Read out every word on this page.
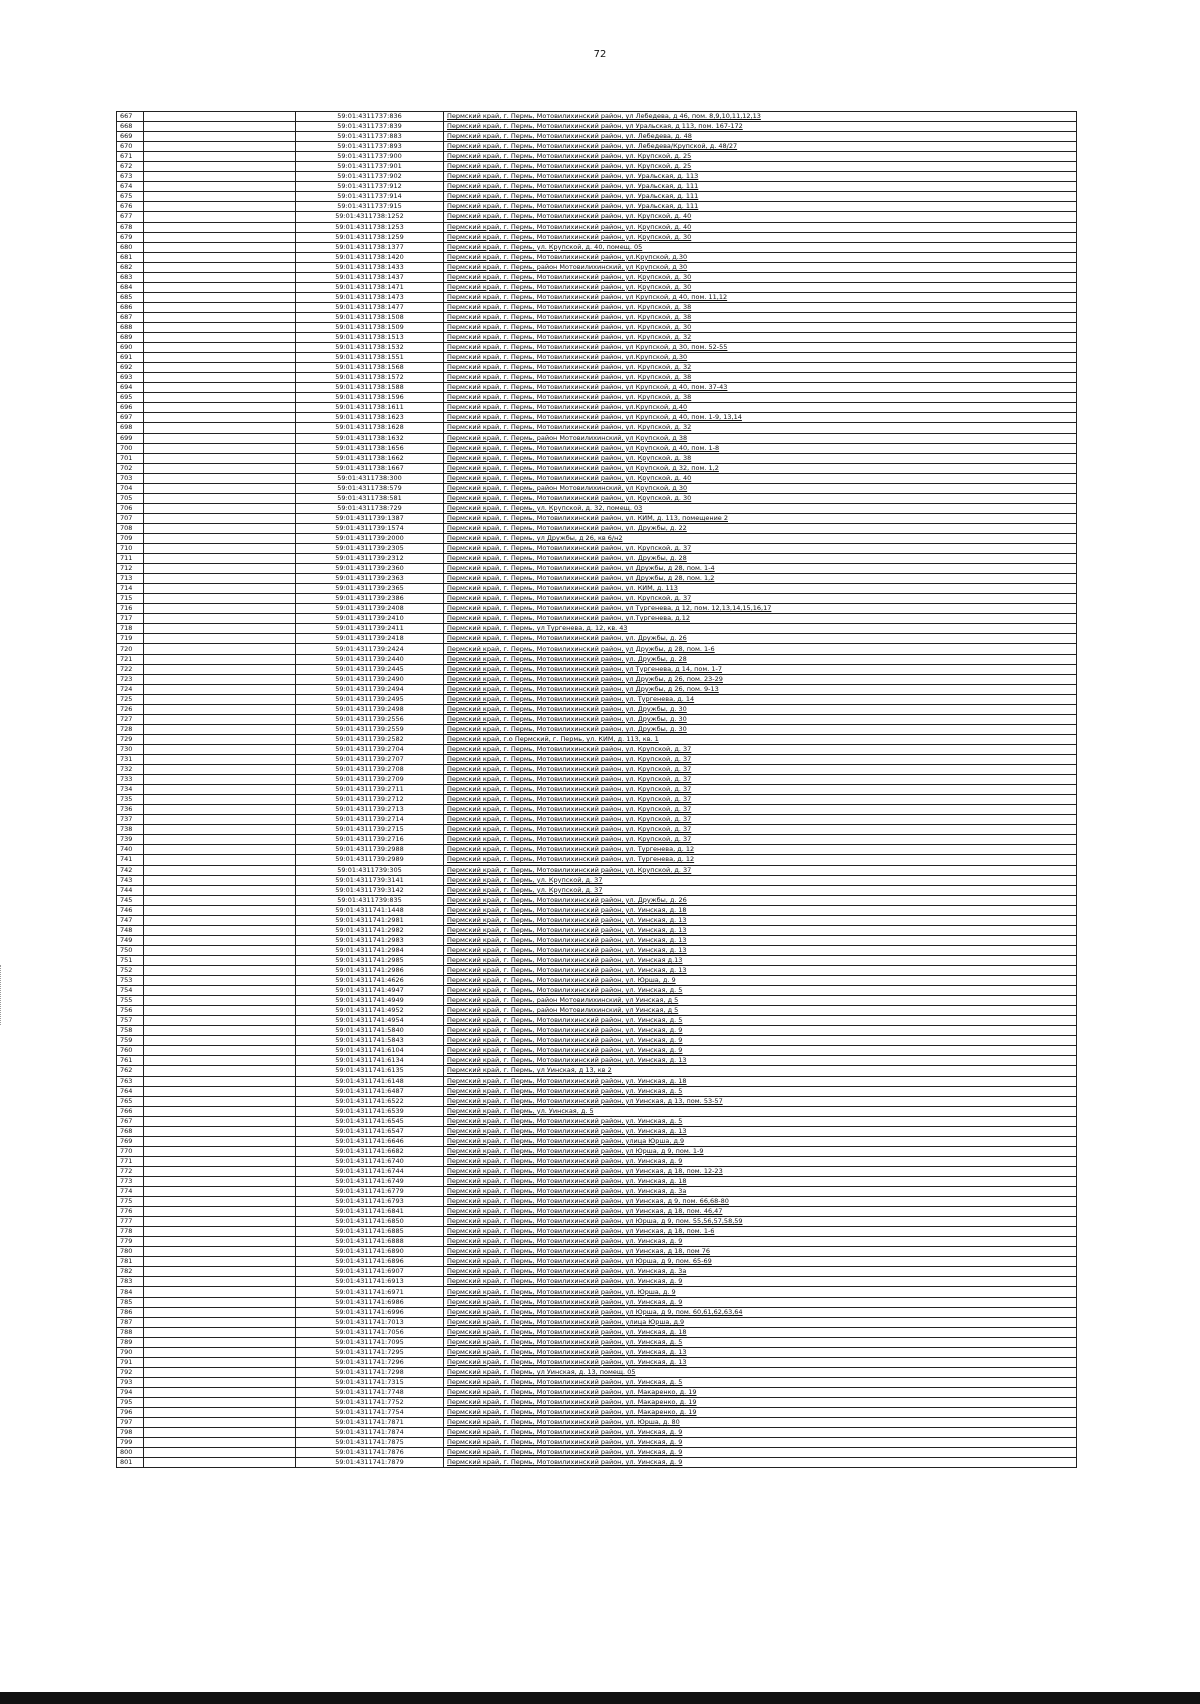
72
667		59:01:4311737:836	Пермский край, г. Пермь, Мотовилихинский район, ул Лебедева, д 46, пом. 8,9,10,11,12,13
668		59:01:4311737:839	Пермский край, г. Пермь, Мотовилихинский район, ул Уральская, д 113, пом. 167-172
669		59:01:4311737:883	Пермский край, г. Пермь, Мотовилихинский район, ул. Лебедева, д. 48
670		59:01:4311737:893	Пермский край, г. Пермь, Мотовилихинский район, ул. Лебедева/Крупской, д. 48/27
671		59:01:4311737:900	Пермский край, г. Пермь, Мотовилихинский район, ул. Крупской, д. 25
672		59:01:4311737:901	Пермский край, г. Пермь, Мотовилихинский район, ул. Крупской, д. 25
673		59:01:4311737:902	Пермский край, г. Пермь, Мотовилихинский район, ул. Уральская, д. 113
674		59:01:4311737:912	Пермский край, г. Пермь, Мотовилихинский район, ул. Уральская, д. 111
675		59:01:4311737:914	Пермский край, г. Пермь, Мотовилихинский район, ул. Уральская, д. 111
676		59:01:4311737:915	Пермский край, г. Пермь, Мотовилихинский район, ул. Уральская, д. 111
677		59:01:4311738:1252	Пермский край, г. Пермь, Мотовилихинский район, ул. Крупской, д. 40
678		59:01:4311738:1253	Пермский край, г. Пермь, Мотовилихинский район, ул. Крупской, д. 40
679		59:01:4311738:1259	Пермский край, г. Пермь, Мотовилихинский район, ул. Крупской, д. 30
680		59:01:4311738:1377	Пермский край, г. Пермь, ул. Крупской, д. 40, помещ. 05
681		59:01:4311738:1420	Пермский край, г. Пермь, Мотовилихинский район, ул.Крупской, д.30
682		59:01:4311738:1433	Пермский край, г. Пермь, район Мотовилихинский, ул Крупской, д 30
683		59:01:4311738:1437	Пермский край, г. Пермь, Мотовилихинский район, ул. Крупской, д. 30
684		59:01:4311738:1471	Пермский край, г. Пермь, Мотовилихинский район, ул. Крупской, д. 30
685		59:01:4311738:1473	Пермский край, г. Пермь, Мотовилихинский район, ул Крупской, д 40, пом. 11,12
686		59:01:4311738:1477	Пермский край, г. Пермь, Мотовилихинский район, ул. Крупской, д. 38
687		59:01:4311738:1508	Пермский край, г. Пермь, Мотовилихинский район, ул. Крупской, д. 38
688		59:01:4311738:1509	Пермский край, г. Пермь, Мотовилихинский район, ул. Крупской, д. 30
689		59:01:4311738:1513	Пермский край, г. Пермь, Мотовилихинский район, ул. Крупской, д. 32
690		59:01:4311738:1532	Пермский край, г. Пермь, Мотовилихинский район, ул Крупской, д 30, пом. 52-55
691		59:01:4311738:1551	Пермский край, г. Пермь, Мотовилихинский район, ул.Крупской, д.30
692		59:01:4311738:1568	Пермский край, г. Пермь, Мотовилихинский район, ул. Крупской, д. 32
693		59:01:4311738:1572	Пермский край, г. Пермь, Мотовилихинский район, ул. Крупской, д. 38
694		59:01:4311738:1588	Пермский край, г. Пермь, Мотовилихинский район, ул Крупской, д 40, пом. 37-43
695		59:01:4311738:1596	Пермский край, г. Пермь, Мотовилихинский район, ул. Крупской, д. 38
696		59:01:4311738:1611	Пермский край, г. Пермь, Мотовилихинский район, ул.Крупской, д.40
697		59:01:4311738:1623	Пермский край, г. Пермь, Мотовилихинский район, ул Крупской, д 40, пом. 1-9, 13,14
698		59:01:4311738:1628	Пермский край, г. Пермь, Мотовилихинский район, ул. Крупской, д. 32
699		59:01:4311738:1632	Пермский край, г. Пермь, район Мотовилихинский, ул Крупской, д 38
700		59:01:4311738:1656	Пермский край, г. Пермь, Мотовилихинский район, ул Крупской, д 40, пом. 1-8
701		59:01:4311738:1662	Пермский край, г. Пермь, Мотовилихинский район, ул. Крупской, д. 38
702		59:01:4311738:1667	Пермский край, г. Пермь, Мотовилихинский район, ул Крупской, д 32, пом. 1,2
703		59:01:4311738:300	Пермский край, г. Пермь, Мотовилихинский район, ул. Крупской, д. 40
704		59:01:4311738:579	Пермский край, г. Пермь, район Мотовилихинский, ул Крупской, д 30
705		59:01:4311738:581	Пермский край, г. Пермь, Мотовилихинский район, ул. Крупской, д. 30
706		59:01:4311738:729	Пермский край, г. Пермь, ул. Крупской, д. 32, помещ. 03
707		59:01:4311739:1387	Пермский край, г. Пермь, Мотовилихинский район, ул. КИМ, д. 113, помещение 2
708		59:01:4311739:1574	Пермский край, г. Пермь, Мотовилихинский район, ул. Дружбы, д. 22
709		59:01:4311739:2000	Пермский край, г. Пермь, ул Дружбы, д 26, кв 6/н2
710		59:01:4311739:2305	Пермский край, г. Пермь, Мотовилихинский район, ул. Крупской, д. 37
711		59:01:4311739:2312	Пермский край, г. Пермь, Мотовилихинский район, ул. Дружбы, д. 28
712		59:01:4311739:2360	Пермский край, г. Пермь, Мотовилихинский район, ул Дружбы, д 28, пом. 1-4
713		59:01:4311739:2363	Пермский край, г. Пермь, Мотовилихинский район, ул Дружбы, д 28, пом. 1,2
714		59:01:4311739:2365	Пермский край, г. Пермь, Мотовилихинский район, ул. КИМ, д. 113
715		59:01:4311739:2386	Пермский край, г. Пермь, Мотовилихинский район, ул. Крупской, д. 37
716		59:01:4311739:2408	Пермский край, г. Пермь, Мотовилихинский район, ул Тургенева, д 12, пом. 12,13,14,15,16,17
717		59:01:4311739:2410	Пермский край, г. Пермь, Мотовилихинский район, ул.Тургенева, д.12
718		59:01:4311739:2411	Пермский край, г. Пермь, ул Тургенева, д. 12, кв. 43
719		59:01:4311739:2418	Пермский край, г. Пермь, Мотовилихинский район, ул. Дружбы, д. 26
720		59:01:4311739:2424	Пермский край, г. Пермь, Мотовилихинский район, ул Дружбы, д 28, пом. 1-6
721		59:01:4311739:2440	Пермский край, г. Пермь, Мотовилихинский район, ул. Дружбы, д. 28
722		59:01:4311739:2445	Пермский край, г. Пермь, Мотовилихинский район, ул Тургенева, д 14, пом. 1-7
723		59:01:4311739:2490	Пермский край, г. Пермь, Мотовилихинский район, ул Дружбы, д 26, пом. 23-29
724		59:01:4311739:2494	Пермский край, г. Пермь, Мотовилихинский район, ул Дружбы, д 26, пом. 9-13
725		59:01:4311739:2495	Пермский край, г. Пермь, Мотовилихинский район, ул. Тургенева, д. 14
726		59:01:4311739:2498	Пермский край, г. Пермь, Мотовилихинский район, ул. Дружбы, д. 30
727		59:01:4311739:2556	Пермский край, г. Пермь, Мотовилихинский район, ул. Дружбы, д. 30
728		59:01:4311739:2559	Пермский край, г. Пермь, Мотовилихинский район, ул. Дружбы, д. 30
729		59:01:4311739:2582	Пермский край, г.о Пермский, г. Пермь, ул. КИМ, д. 113, кв. 1
730		59:01:4311739:2704	Пермский край, г. Пермь, Мотовилихинский район, ул. Крупской, д. 37
731		59:01:4311739:2707	Пермский край, г. Пермь, Мотовилихинский район, ул. Крупской, д. 37
732		59:01:4311739:2708	Пермский край, г. Пермь, Мотовилихинский район, ул. Крупской, д. 37
733		59:01:4311739:2709	Пермский край, г. Пермь, Мотовилихинский район, ул. Крупской, д. 37
734		59:01:4311739:2711	Пермский край, г. Пермь, Мотовилихинский район, ул. Крупской, д. 37
735		59:01:4311739:2712	Пермский край, г. Пермь, Мотовилихинский район, ул. Крупской, д. 37
736		59:01:4311739:2713	Пермский край, г. Пермь, Мотовилихинский район, ул. Крупской, д. 37
737		59:01:4311739:2714	Пермский край, г. Пермь, Мотовилихинский район, ул. Крупской, д. 37
738		59:01:4311739:2715	Пермский край, г. Пермь, Мотовилихинский район, ул. Крупской, д. 37
739		59:01:4311739:2716	Пермский край, г. Пермь, Мотовилихинский район, ул. Крупской, д. 37
740		59:01:4311739:2988	Пермский край, г. Пермь, Мотовилихинский район, ул. Тургенева, д. 12
741		59:01:4311739:2989	Пермский край, г. Пермь, Мотовилихинский район, ул. Тургенева, д. 12
742		59:01:4311739:305	Пермский край, г. Пермь, Мотовилихинский район, ул. Крупской, д. 37
743		59:01:4311739:3141	Пермский край, г. Пермь, ул. Крупской, д. 37
744		59:01:4311739:3142	Пермский край, г. Пермь, ул. Крупской, д. 37
745		59:01:4311739:835	Пермский край, г. Пермь, Мотовилихинский район, ул. Дружбы, д. 26
746		59:01:4311741:1448	Пермский край, г. Пермь, Мотовилихинский район, ул. Уинская, д. 18
747		59:01:4311741:2981	Пермский край, г. Пермь, Мотовилихинский район, ул. Уинская, д. 13
748		59:01:4311741:2982	Пермский край, г. Пермь, Мотовилихинский район, ул. Уинская, д. 13
749		59:01:4311741:2983	Пермский край, г. Пермь, Мотовилихинский район, ул. Уинская, д. 13
750		59:01:4311741:2984	Пермский край, г. Пермь, Мотовилихинский район, ул. Уинская, д. 13
751		59:01:4311741:2985	Пермский край, г. Пермь, Мотовилихинский район, ул. Уинская д.13
752		59:01:4311741:2986	Пермский край, г. Пермь, Мотовилихинский район, ул. Уинская, д. 13
753		59:01:4311741:4626	Пермский край, г. Пермь, Мотовилихинский район, ул. Юрша, д. 9
754		59:01:4311741:4947	Пермский край, г. Пермь, Мотовилихинский район, ул. Уинская, д. 5
755		59:01:4311741:4949	Пермский край, г. Пермь, район Мотовилихинский, ул Уинская, д 5
756		59:01:4311741:4952	Пермский край, г. Пермь, район Мотовилихинский, ул Уинская, д 5
757		59:01:4311741:4954	Пермский край, г. Пермь, Мотовилихинский район, ул. Уинская, д. 5
758		59:01:4311741:5840	Пермский край, г. Пермь, Мотовилихинский район, ул. Уинская, д. 9
759		59:01:4311741:5843	Пермский край, г. Пермь, Мотовилихинский район, ул. Уинская, д. 9
760		59:01:4311741:6104	Пермский край, г. Пермь, Мотовилихинский район, ул. Уинская, д. 9
761		59:01:4311741:6134	Пермский край, г. Пермь, Мотовилихинский район, ул. Уинская, д. 13
762		59:01:4311741:6135	Пермский край, г. Пермь, ул Уинская, д 13, кв 2
763		59:01:4311741:6148	Пермский край, г. Пермь, Мотовилихинский район, ул. Уинская, д. 18
764		59:01:4311741:6487	Пермский край, г. Пермь, Мотовилихинский район, ул. Уинская, д. 5
765		59:01:4311741:6522	Пермский край, г. Пермь, Мотовилихинский район, ул Уинская, д 13, пом. 53-57
766		59:01:4311741:6539	Пермский край, г. Пермь, ул. Уинская, д. 5
767		59:01:4311741:6545	Пермский край, г. Пермь, Мотовилихинский район, ул. Уинская, д. 5
768		59:01:4311741:6547	Пермский край, г. Пермь, Мотовилихинский район, ул. Уинская, д. 13
769		59:01:4311741:6646	Пермский край, г. Пермь, Мотовилихинский район, улица Юрша, д.9
770		59:01:4311741:6682	Пермский край, г. Пермь, Мотовилихинский район, ул Юрша, д 9, пом. 1-9
771		59:01:4311741:6740	Пермский край, г. Пермь, Мотовилихинский район, ул. Уинская, д. 9
772		59:01:4311741:6744	Пермский край, г. Пермь, Мотовилихинский район, ул Уинская, д 18, пом. 12-23
773		59:01:4311741:6749	Пермский край, г. Пермь, Мотовилихинский район, ул. Уинская, д. 18
774		59:01:4311741:6779	Пермский край, г. Пермь, Мотовилихинский район, ул. Уинская, д. 3а
775		59:01:4311741:6793	Пермский край, г. Пермь, Мотовилихинский район, ул Уинская, д 9, пом. 66,68-80
776		59:01:4311741:6841	Пермский край, г. Пермь, Мотовилихинский район, ул Уинская, д 18, пом. 46,47
777		59:01:4311741:6850	Пермский край, г. Пермь, Мотовилихинский район, ул Юрша, д 9, пом. 55,56,57,58,59
778		59:01:4311741:6885	Пермский край, г. Пермь, Мотовилихинский район, ул Уинская, д 18, пом. 1-6
779		59:01:4311741:6888	Пермский край, г. Пермь, Мотовилихинский район, ул. Уинская, д. 9
780		59:01:4311741:6890	Пермский край, г. Пермь, Мотовилихинский район, ул Уинская, д 18, пом 76
781		59:01:4311741:6896	Пермский край, г. Пермь, Мотовилихинский район, ул Юрша, д 9, пом. 65-69
782		59:01:4311741:6907	Пермский край, г. Пермь, Мотовилихинский район, ул. Уинская, д. 3а
783		59:01:4311741:6913	Пермский край, г. Пермь, Мотовилихинский район, ул. Уинская, д. 9
784		59:01:4311741:6971	Пермский край, г. Пермь, Мотовилихинский район, ул. Юрша, д. 9
785		59:01:4311741:6986	Пермский край, г. Пермь, Мотовилихинский район, ул. Уинская, д. 9
786		59:01:4311741:6996	Пермский край, г. Пермь, Мотовилихинский район, ул Юрша, д 9, пом. 60,61,62,63,64
787		59:01:4311741:7013	Пермский край, г. Пермь, Мотовилихинский район, улица Юрша, д.9
788		59:01:4311741:7056	Пермский край, г. Пермь, Мотовилихинский район, ул. Уинская, д. 18
789		59:01:4311741:7095	Пермский край, г. Пермь, Мотовилихинский район, ул. Уинская, д. 5
790		59:01:4311741:7295	Пермский край, г. Пермь, Мотовилихинский район, ул. Уинская, д. 13
791		59:01:4311741:7296	Пермский край, г. Пермь, Мотовилихинский район, ул. Уинская, д. 13
792		59:01:4311741:7298	Пермский край, г. Пермь, ул Уинская, д. 13, помещ. 05
793		59:01:4311741:7315	Пермский край, г. Пермь, Мотовилихинский район, ул. Уинская, д. 5
794		59:01:4311741:7748	Пермский край, г. Пермь, Мотовилихинский район, ул. Макаренко, д. 19
795		59:01:4311741:7752	Пермский край, г. Пермь, Мотовилихинский район, ул. Макаренко, д. 19
796		59:01:4311741:7754	Пермский край, г. Пермь, Мотовилихинский район, ул. Макаренко, д. 19
797		59:01:4311741:7871	Пермский край, г. Пермь, Мотовилихинский район, ул. Юрша, д. 80
798		59:01:4311741:7874	Пермский край, г. Пермь, Мотовилихинский район, ул. Уинская, д. 9
799		59:01:4311741:7875	Пермский край, г. Пермь, Мотовилихинский район, ул. Уинская, д. 9
800		59:01:4311741:7876	Пермский край, г. Пермь, Мотовилихинский район, ул. Уинская, д. 9
801		59:01:4311741:7879	Пермский край, г. Пермь, Мотовилихинский район, ул. Уинская, д. 9
